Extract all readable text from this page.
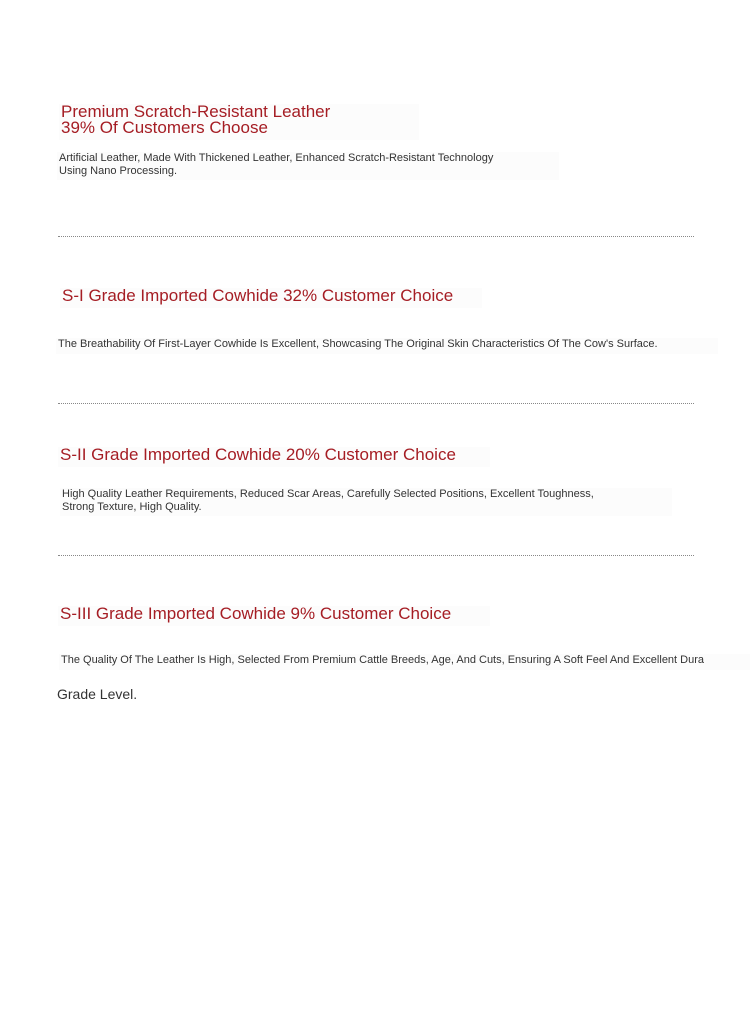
Premium Scratch-Resistant Leather
39% Of Customers Choose
Artificial Leather, Made With Thickened Leather, Enhanced Scratch-Resistant Technology
Using Nano Processing.
S-I Grade Imported Cowhide 32% Customer Choice
The Breathability Of First-Layer Cowhide Is Excellent, Showcasing The Original Skin Characteristics Of The Cow's Surface.
S-II Grade Imported Cowhide 20% Customer Choice
High Quality Leather Requirements, Reduced Scar Areas, Carefully Selected Positions, Excellent Toughness,
Strong Texture, High Quality.
S-III Grade Imported Cowhide 9% Customer Choice
The Quality Of The Leather Is High, Selected From Premium Cattle Breeds, Age, And Cuts, Ensuring A Soft Feel And Excellent Dura
Grade Level.
